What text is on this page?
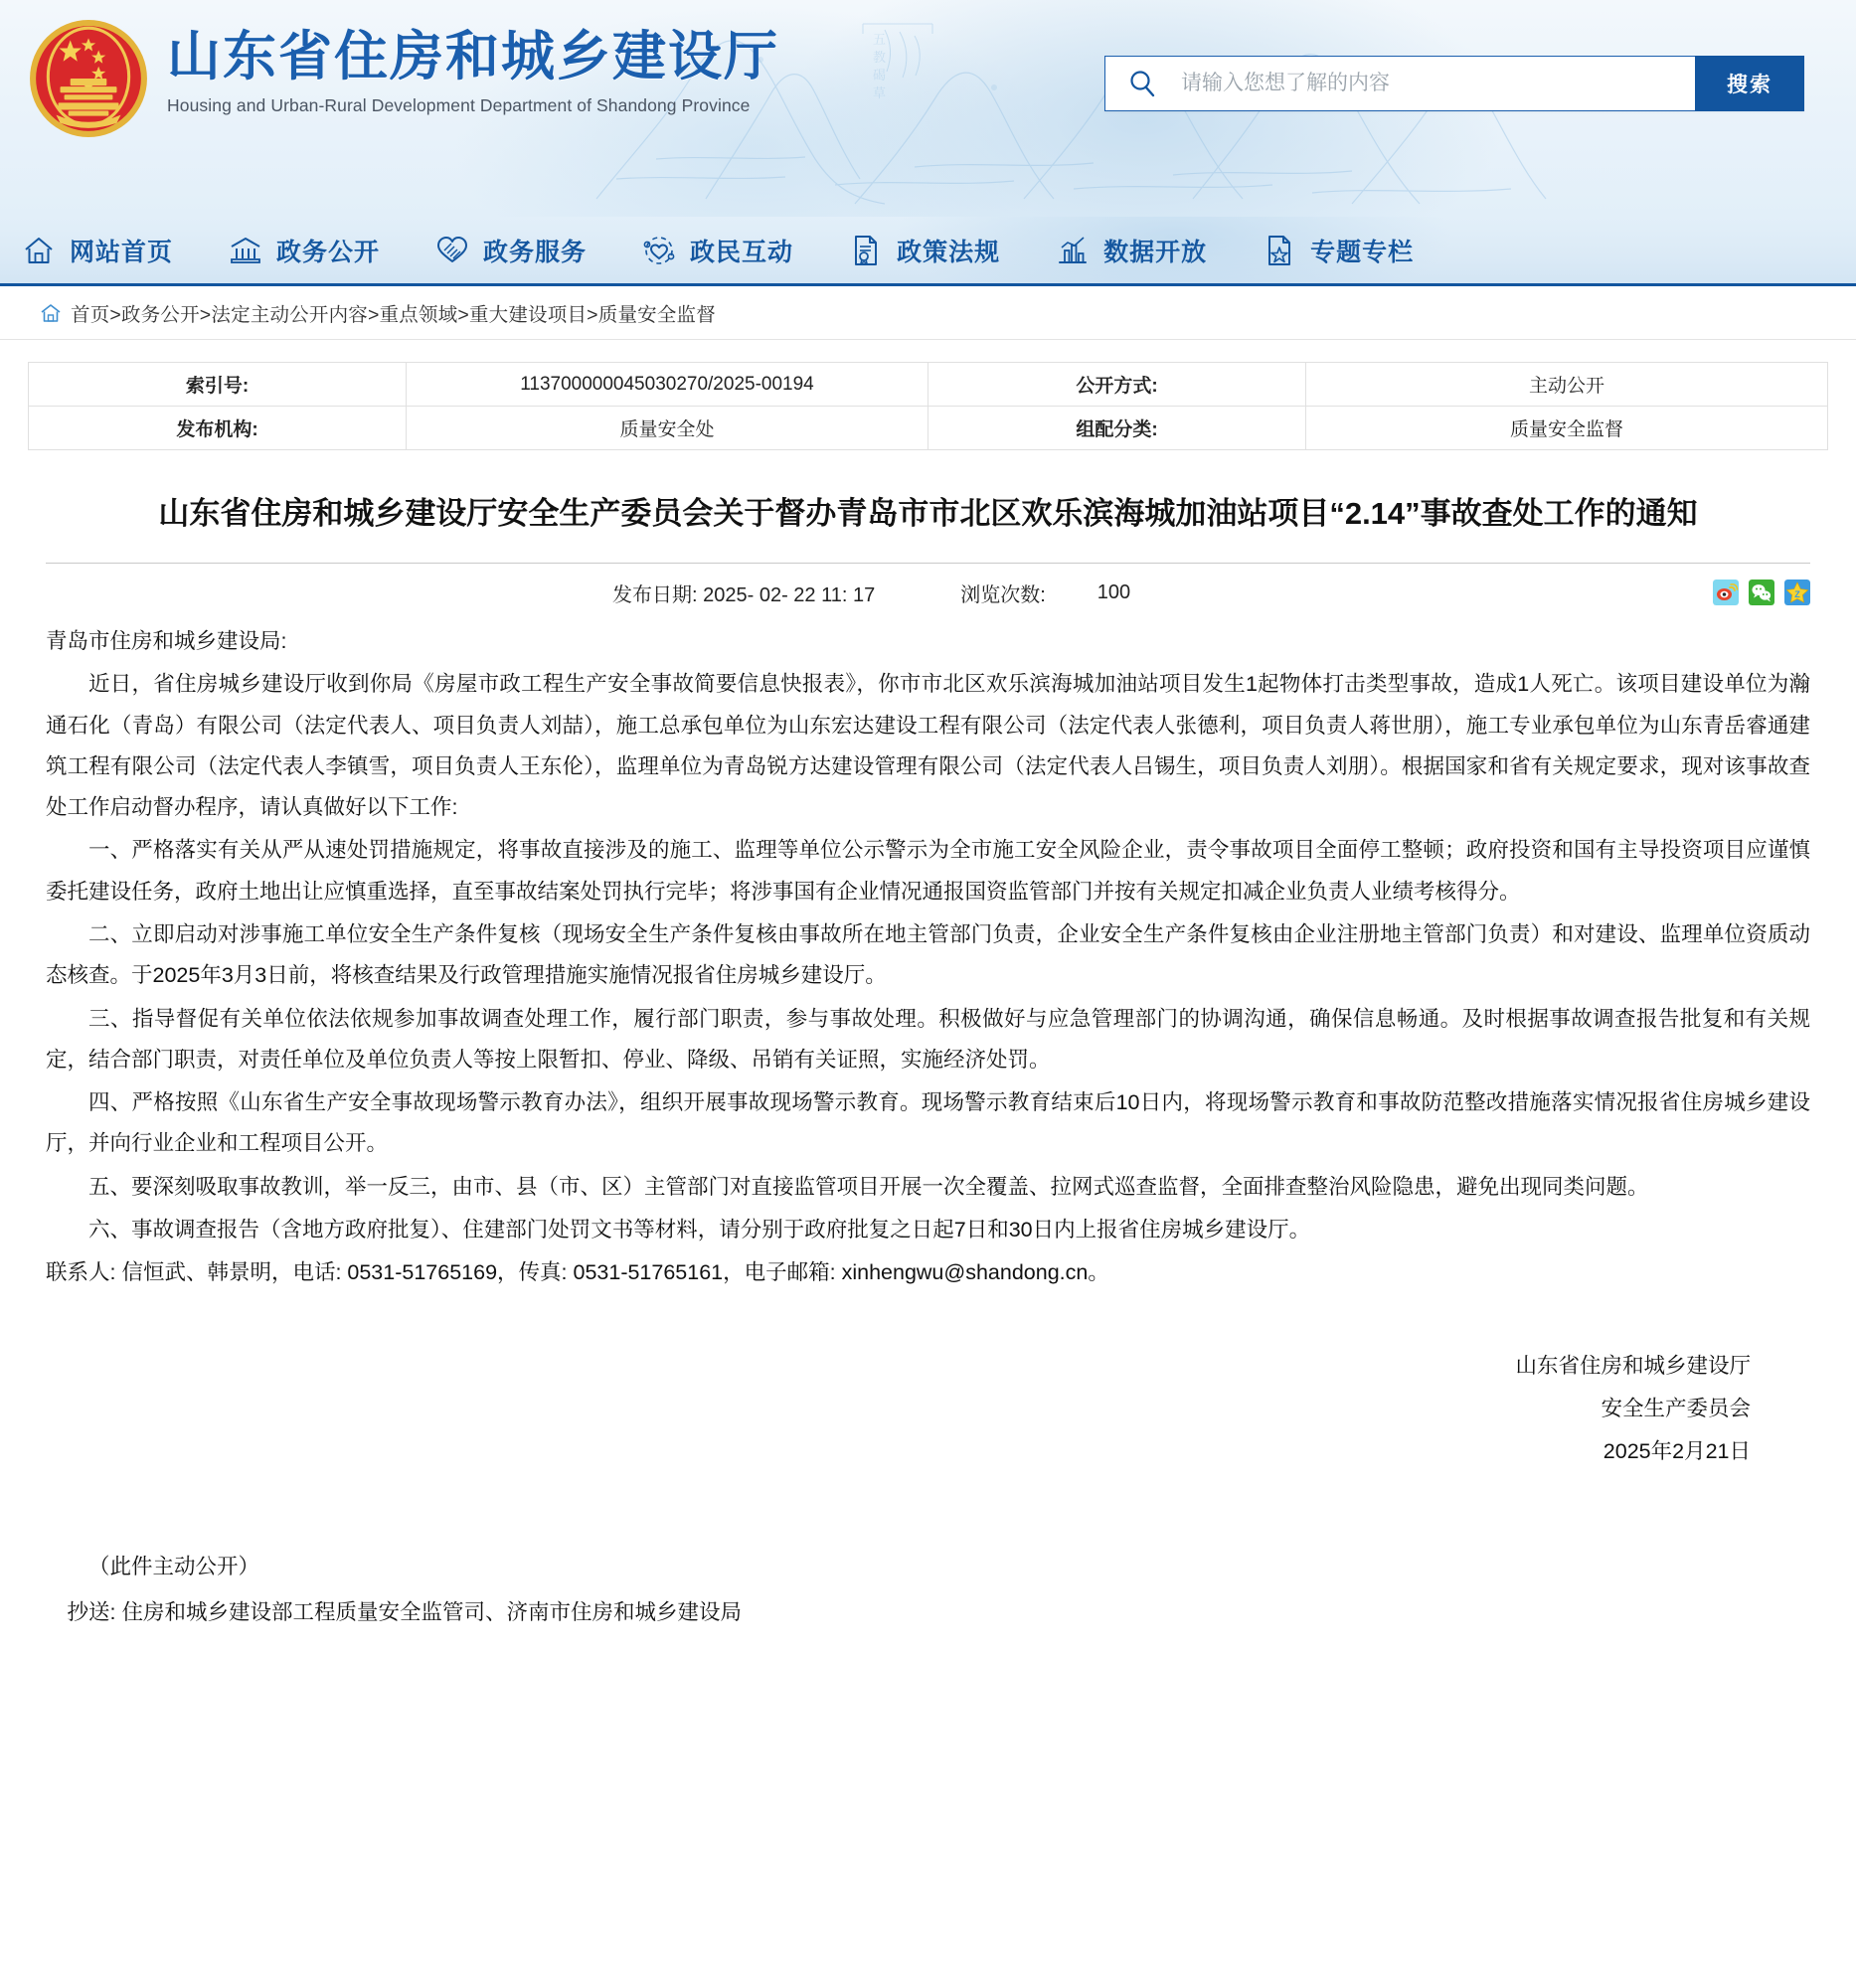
五
教
碣
草
山东省住房和城乡建设厅
Housing and Urban-Rural Development Department of Shandong Province
请输入您想了解的内容
搜索
网站首页	政务公开	政务服务	政民互动	政策法规	数据开放	专题专栏
首页>政务公开>法定主动公开内容>重点领域>重大建设项目>质量安全监督
索引号:	113700000045030270/2025-00194	公开方式:	主动公开
发布机构:	质量安全处	组配分类:	质量安全监督
山东省住房和城乡建设厅安全生产委员会关于督办青岛市市北区欢乐滨海城加油站项目“2.14”事故查处工作的通知
发布日期: 2025- 02- 22 11: 17	浏览次数:	100	Z

青岛市住房和城乡建设局:

近日，省住房城乡建设厅收到你局《房屋市政工程生产安全事故简要信息快报表》，你市市北区欢乐滨海城加油站项目发生1起物体打击类型事故，造成1人死亡。该项目建设单位为瀚通石化（青岛）有限公司（法定代表人、项目负责人刘喆），施工总承包单位为山东宏达建设工程有限公司（法定代表人张德利，项目负责人蒋世朋），施工专业承包单位为山东青岳睿通建筑工程有限公司（法定代表人李镇雪，项目负责人王东伦），监理单位为青岛锐方达建设管理有限公司（法定代表人吕锡生，项目负责人刘朋）。根据国家和省有关规定要求，现对该事故查处工作启动督办程序，请认真做好以下工作:

一、严格落实有关从严从速处罚措施规定，将事故直接涉及的施工、监理等单位公示警示为全市施工安全风险企业，责令事故项目全面停工整顿；政府投资和国有主导投资项目应谨慎委托建设任务，政府土地出让应慎重选择，直至事故结案处罚执行完毕；将涉事国有企业情况通报国资监管部门并按有关规定扣减企业负责人业绩考核得分。

二、立即启动对涉事施工单位安全生产条件复核（现场安全生产条件复核由事故所在地主管部门负责，企业安全生产条件复核由企业注册地主管部门负责）和对建设、监理单位资质动态核查。于2025年3月3日前，将核查结果及行政管理措施实施情况报省住房城乡建设厅。

三、指导督促有关单位依法依规参加事故调查处理工作，履行部门职责，参与事故处理。积极做好与应急管理部门的协调沟通，确保信息畅通。及时根据事故调查报告批复和有关规定，结合部门职责，对责任单位及单位负责人等按上限暂扣、停业、降级、吊销有关证照，实施经济处罚。

四、严格按照《山东省生产安全事故现场警示教育办法》，组织开展事故现场警示教育。现场警示教育结束后10日内，将现场警示教育和事故防范整改措施落实情况报省住房城乡建设厅，并向行业企业和工程项目公开。

五、要深刻吸取事故教训，举一反三，由市、县（市、区）主管部门对直接监管项目开展一次全覆盖、拉网式巡查监督，全面排查整治风险隐患，避免出现同类问题。

六、事故调查报告（含地方政府批复）、住建部门处罚文书等材料，请分别于政府批复之日起7日和30日内上报省住房城乡建设厅。

联系人: 信恒武、韩景明，电话: 0531-51765169，传真: 0531-51765161，电子邮箱: xinhengwu@shandong.cn。

山东省住房和城乡建设厅
安全生产委员会
2025年2月21日
（此件主动公开）
抄送: 住房和城乡建设部工程质量安全监管司、济南市住房和城乡建设局
